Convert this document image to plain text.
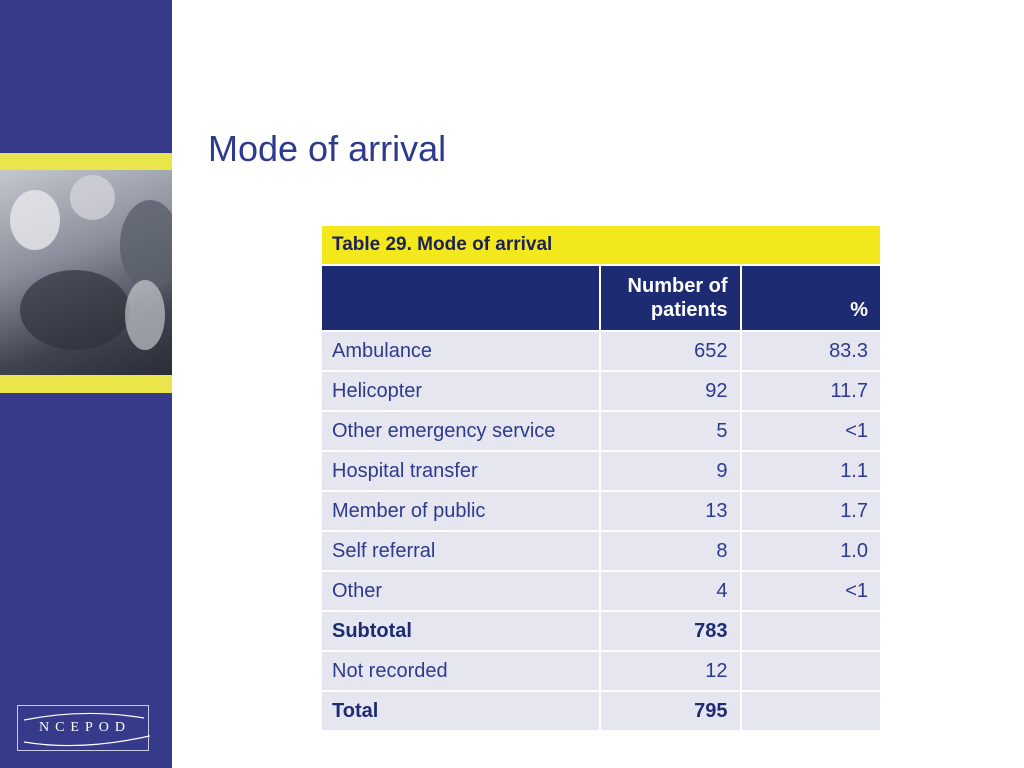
NCEPOD
Mode of arrival
Table 29. Mode of arrival		
	Number of patients	%
Ambulance	652	83.3
Helicopter	92	11.7
Other emergency service	5	<1
Hospital transfer	9	1.1
Member of public	13	1.7
Self referral	8	1.0
Other	4	<1
Subtotal	783	
Not recorded	12	
Total	795	
